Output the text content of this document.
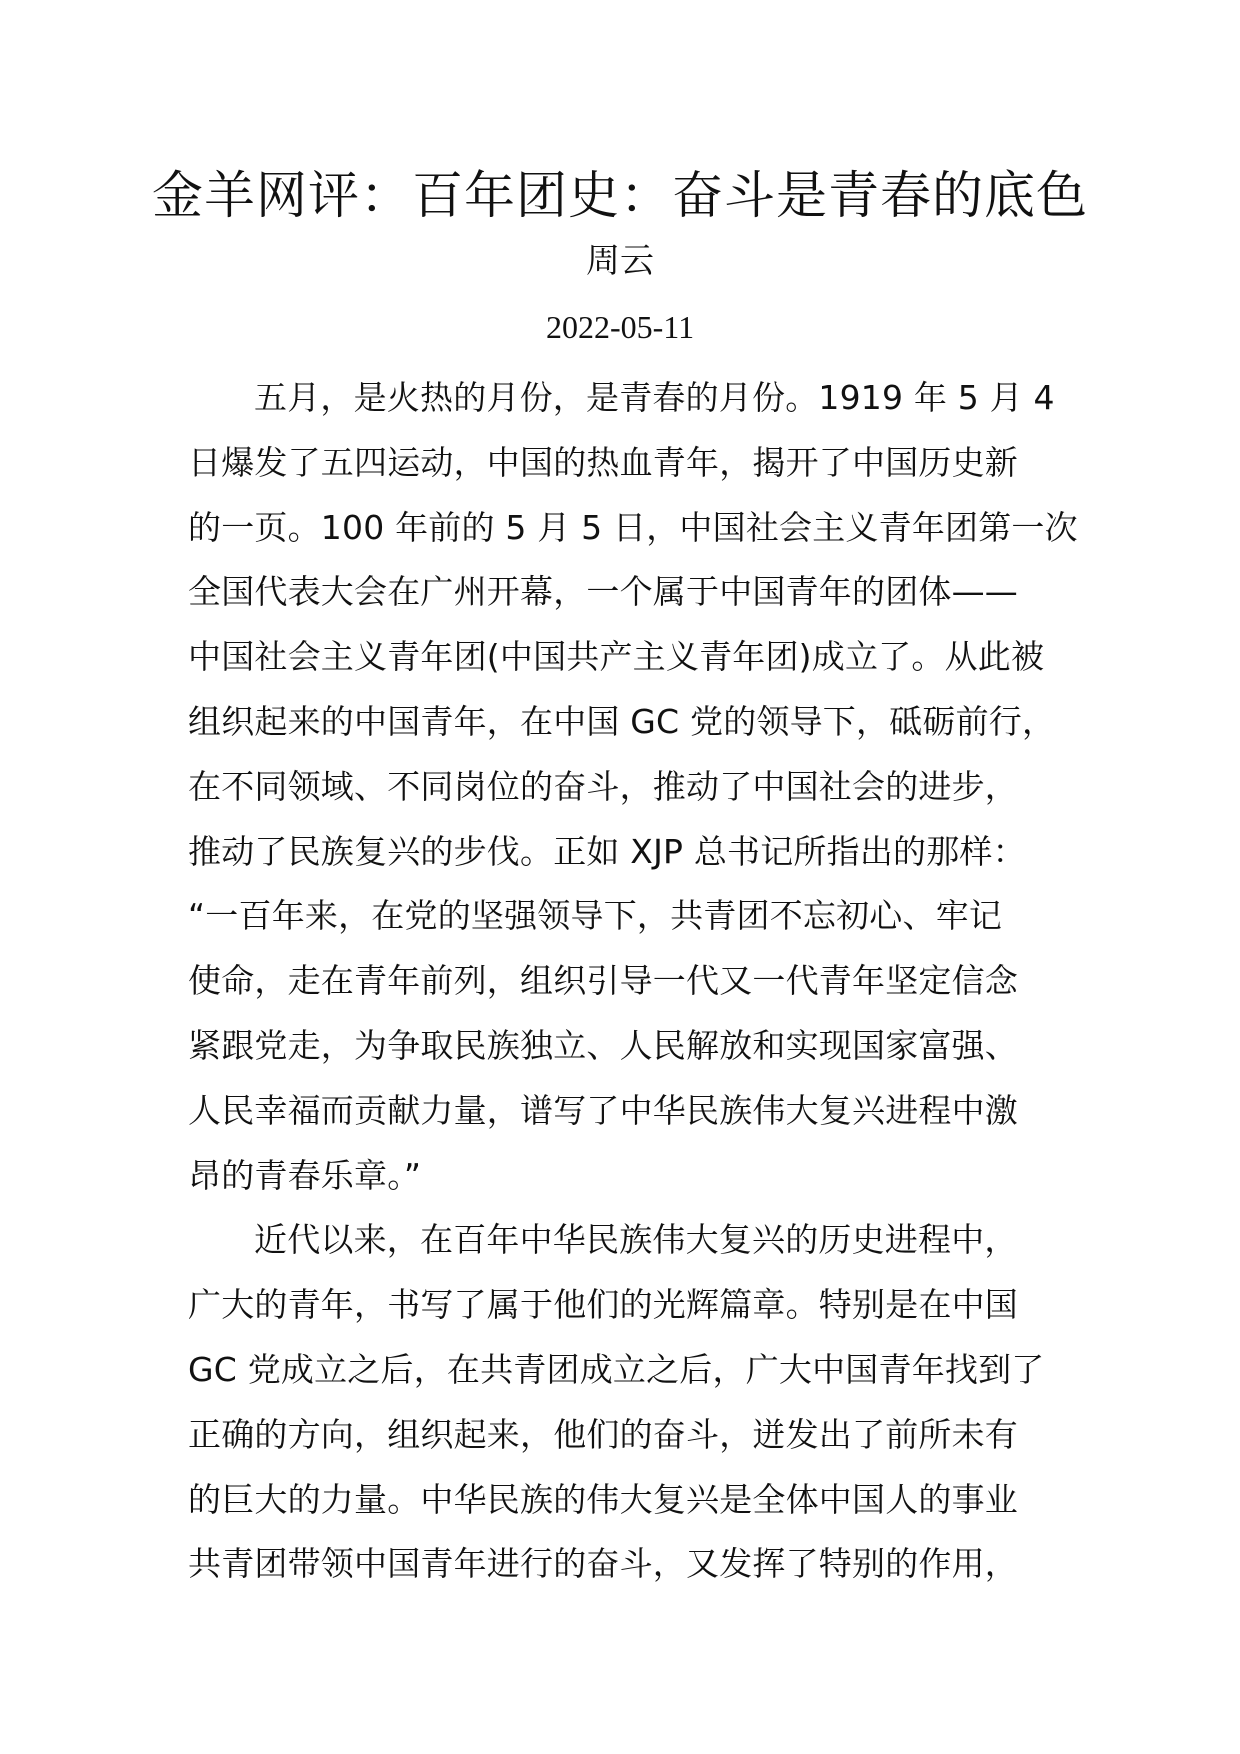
金羊网评：百年团史：奋斗是青春的底色
周云
2022-05-11
五月，是火热的月份，是青春的月份。1919 年 5 月 4
日爆发了五四运动，中国的热血青年，揭开了中国历史新
的一页。100 年前的 5 月 5 日，中国社会主义青年团第一次
全国代表大会在广州开幕，一个属于中国青年的团体——
中国社会主义青年团(中国共产主义青年团)成立了。从此被
组织起来的中国青年，在中国 GC 党的领导下，砥砺前行，
在不同领域、不同岗位的奋斗，推动了中国社会的进步，
推动了民族复兴的步伐。正如 XJP 总书记所指出的那样：
“一百年来，在党的坚强领导下，共青团不忘初心、牢记
使命，走在青年前列，组织引导一代又一代青年坚定信念
紧跟党走，为争取民族独立、人民解放和实现国家富强、
人民幸福而贡献力量，谱写了中华民族伟大复兴进程中激
昂的青春乐章。”
近代以来，在百年中华民族伟大复兴的历史进程中，
广大的青年，书写了属于他们的光辉篇章。特别是在中国
GC 党成立之后，在共青团成立之后，广大中国青年找到了
正确的方向，组织起来，他们的奋斗，迸发出了前所未有
的巨大的力量。中华民族的伟大复兴是全体中国人的事业
共青团带领中国青年进行的奋斗，又发挥了特别的作用，
